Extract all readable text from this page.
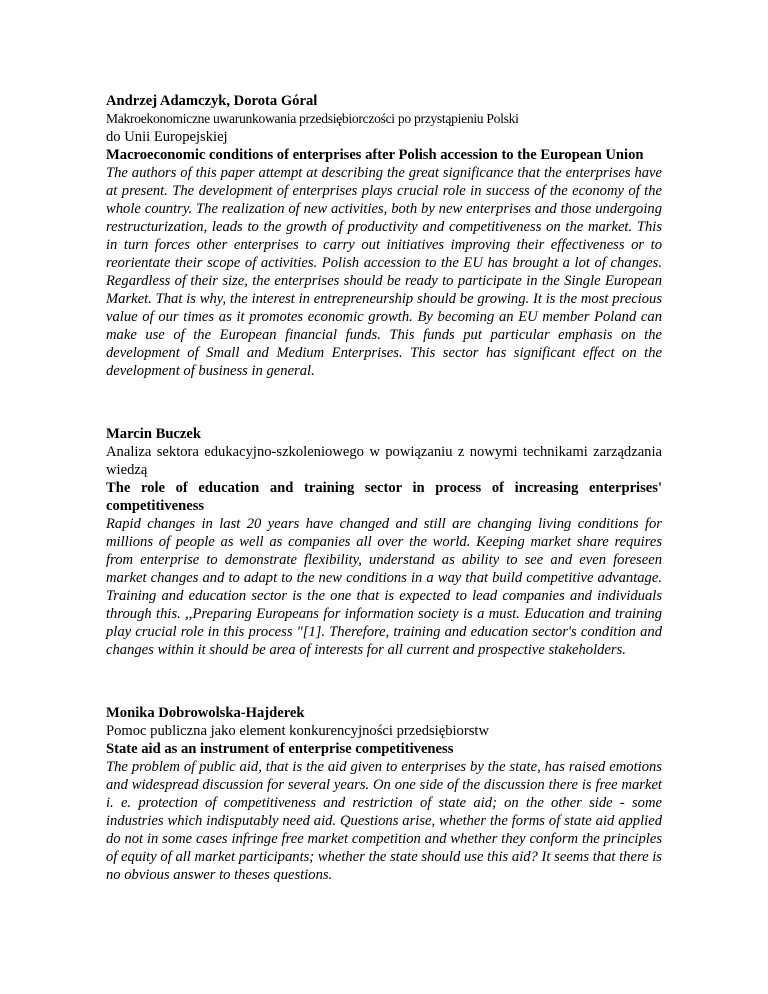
Andrzej Adamczyk, Dorota Góral
Makroekonomiczne uwarunkowania przedsiębiorczości po przystąpieniu Polski
do Unii Europejskiej
Macroeconomic conditions of enterprises after Polish accession to the European Union
The authors of this paper attempt at describing the great significance that the enterprises have at present. The development of enterprises plays crucial role in success of the economy of the whole country. The realization of new activities, both by new enterprises and those undergoing restructurization, leads to the growth of productivity and competitiveness on the market. This in turn forces other enterprises to carry out initiatives improving their effectiveness or to reorientate their scope of activities. Polish accession to the EU has brought a lot of changes. Regardless of their size, the enterprises should be ready to participate in the Single European Market. That is why, the interest in entrepreneurship should be growing. It is the most precious value of our times as it promotes economic growth. By becoming an EU member Poland can make use of the European financial funds. This funds put particular emphasis on the development of Small and Medium Enterprises. This sector has significant effect on the development of business in general.
Marcin Buczek
Analiza sektora edukacyjno-szkoleniowego w powiązaniu z nowymi technikami zarządzania wiedzą
The role of education and training sector in process of increasing enterprises' competitiveness
Rapid changes in last 20 years have changed and still are changing living conditions for millions of people as well as companies all over the world. Keeping market share requires from enterprise to demonstrate flexibility, understand as ability to see and even foreseen market changes and to adapt to the new conditions in a way that build competitive advantage. Training and education sector is the one that is expected to lead companies and individuals through this. ,,Preparing Europeans for information society is a must. Education and training play crucial role in this process "[1]. Therefore, training and education sector's condition and changes within it should be area of interests for all current and prospective stakeholders.
Monika Dobrowolska-Hajderek
Pomoc publiczna jako element konkurencyjności przedsiębiorstw
State aid as an instrument of enterprise competitiveness
The problem of public aid, that is the aid given to enterprises by the state, has raised emotions and widespread discussion for several years. On one side of the discussion there is free market i. e. protection of competitiveness and restriction of state aid; on the other side - some industries which indisputably need aid. Questions arise, whether the forms of state aid applied do not in some cases infringe free market competition and whether they conform the principles of equity of all market participants; whether the state should use this aid? It seems that there is no obvious answer to theses questions.
